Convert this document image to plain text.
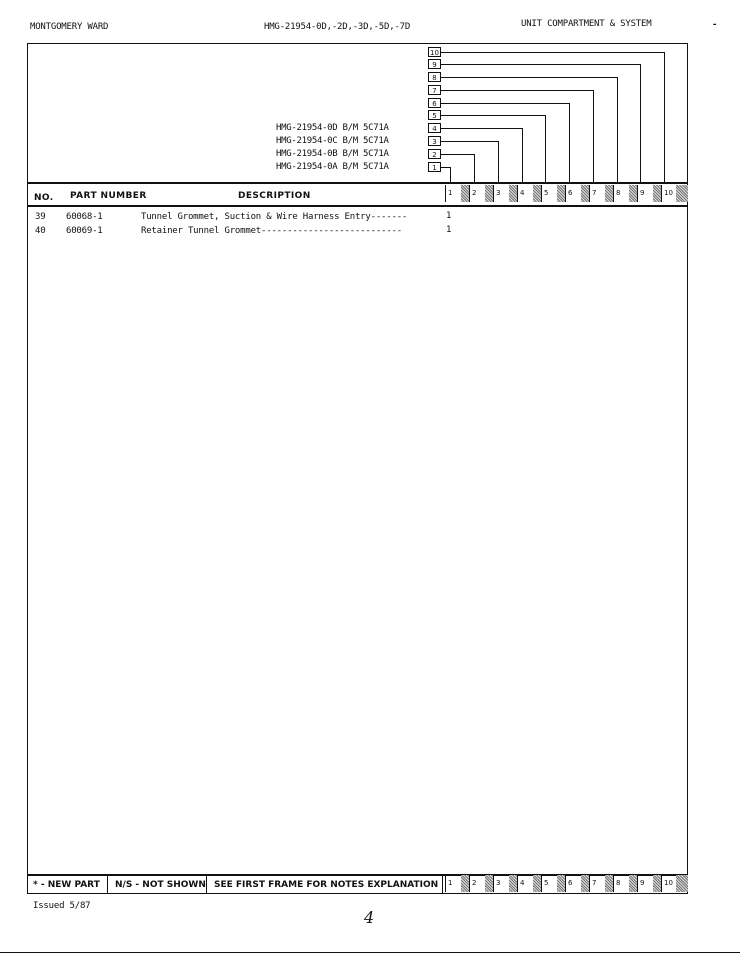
MONTGOMERY WARD	HMG-21954-0D,-2D,-3D,-5D,-7D	UNIT COMPARTMENT & SYSTEM	-
HMG-21954-0D B/M 5C71A
HMG-21954-0C B/M 5C71A
HMG-21954-0B B/M 5C71A
HMG-21954-0A B/M 5C71A
10
9
8
7
6
5
4
3
2
1
NO. PART NUMBER	DESCRIPTION	1	2	3	4	5	6	7	8	9	10
39 60068-1	Tunnel Grommet, Suction & Wire Harness Entry-------	1
40 60069-1	Retainer Tunnel Grommet---------------------------	1
* - NEW PART N/S - NOT SHOWN SEE FIRST FRAME FOR NOTES EXPLANATION 1	2	3	4	5	6	7	8	9	10
Issued 5/87
4
